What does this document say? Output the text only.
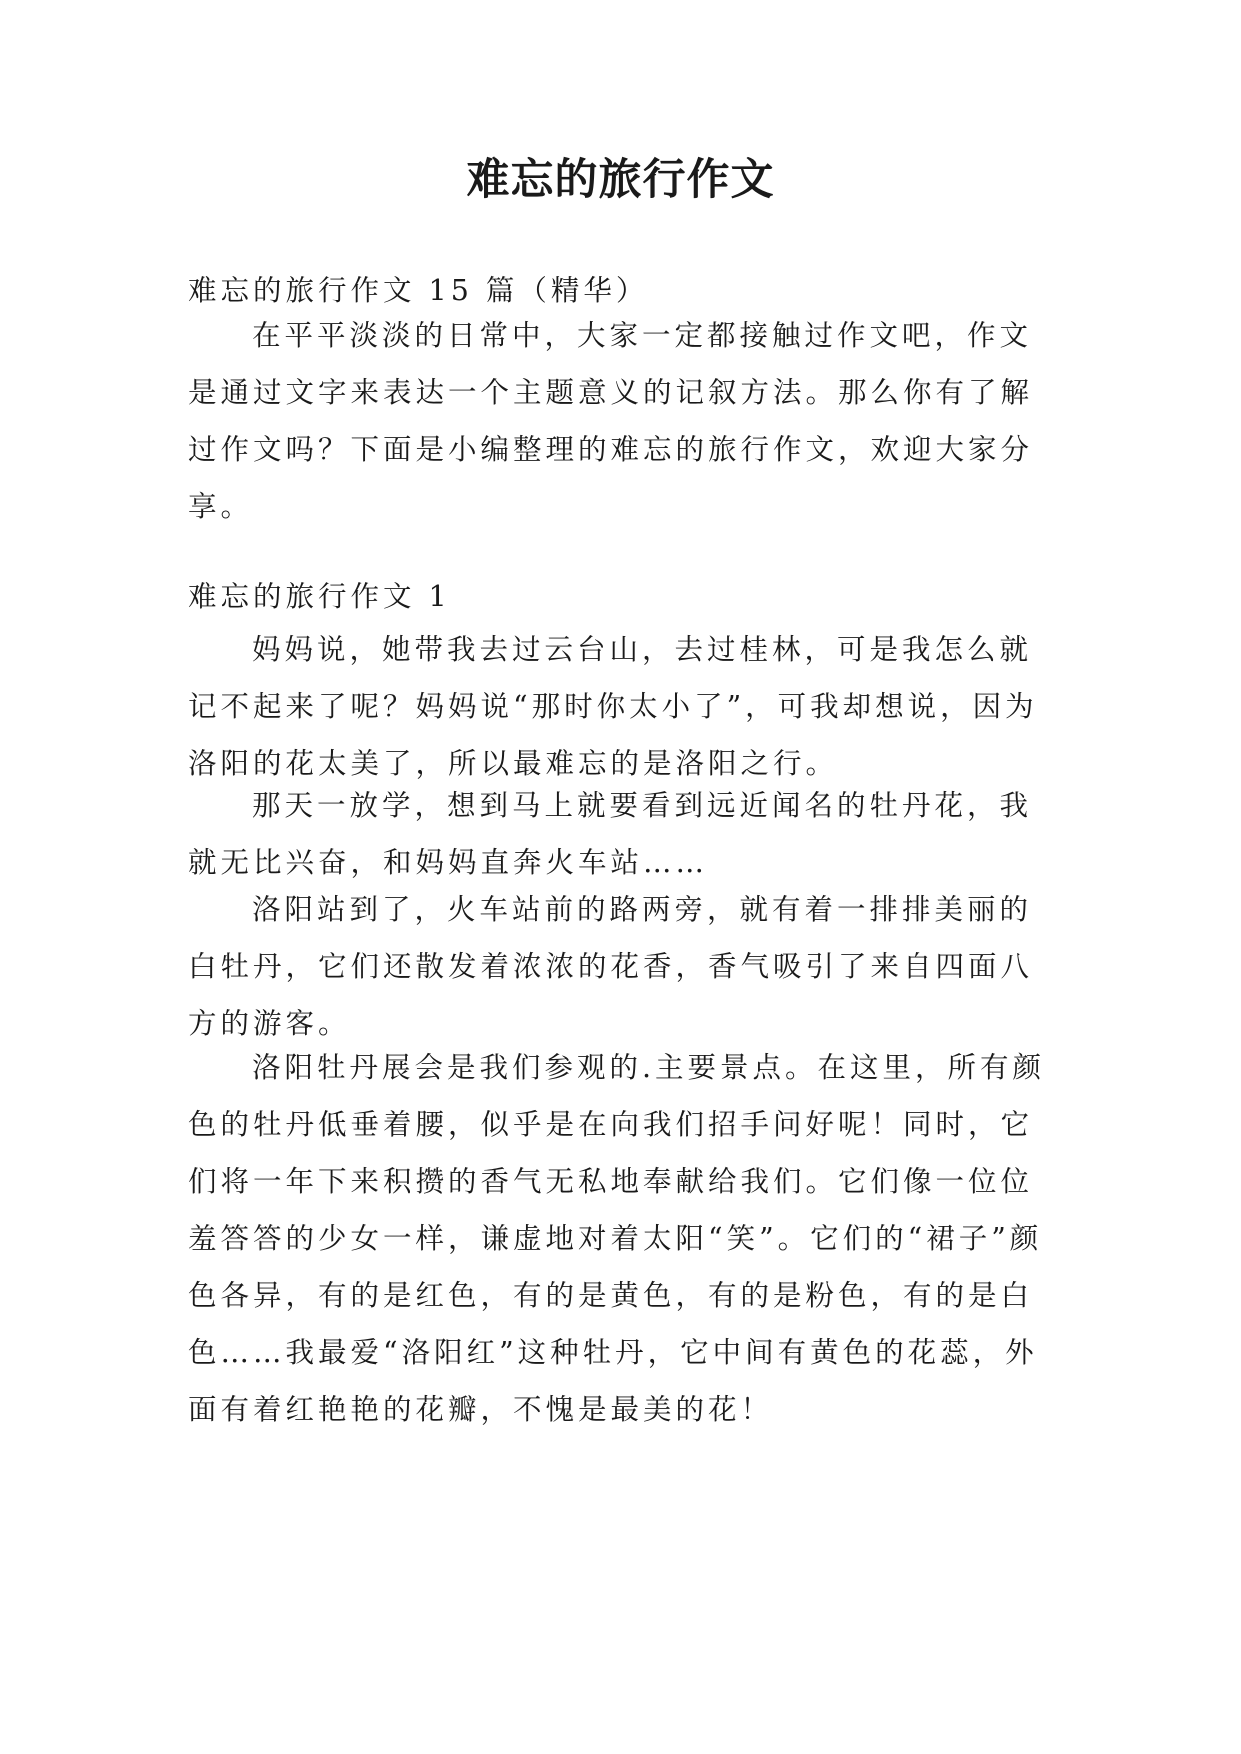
难忘的旅行作文

难忘的旅行作文 15 篇（精华）

在平平淡淡的日常中，大家一定都接触过作文吧，作文是通过文字来表达一个主题意义的记叙方法。那么你有了解过作文吗？下面是小编整理的难忘的旅行作文，欢迎大家分享。

难忘的旅行作文 1

妈妈说，她带我去过云台山，去过桂林，可是我怎么就记不起来了呢？妈妈说“那时你太小了”，可我却想说，因为洛阳的花太美了，所以最难忘的是洛阳之行。

那天一放学，想到马上就要看到远近闻名的牡丹花，我就无比兴奋，和妈妈直奔火车站……

洛阳站到了，火车站前的路两旁，就有着一排排美丽的白牡丹，它们还散发着浓浓的花香，香气吸引了来自四面八方的游客。

洛阳牡丹展会是我们参观的.主要景点。在这里，所有颜色的牡丹低垂着腰，似乎是在向我们招手问好呢！同时，它们将一年下来积攒的香气无私地奉献给我们。它们像一位位羞答答的少女一样，谦虚地对着太阳“笑”。它们的“裙子”颜色各异，有的是红色，有的是黄色，有的是粉色，有的是白色……我最爱“洛阳红”这种牡丹，它中间有黄色的花蕊，外面有着红艳艳的花瓣，不愧是最美的花！
